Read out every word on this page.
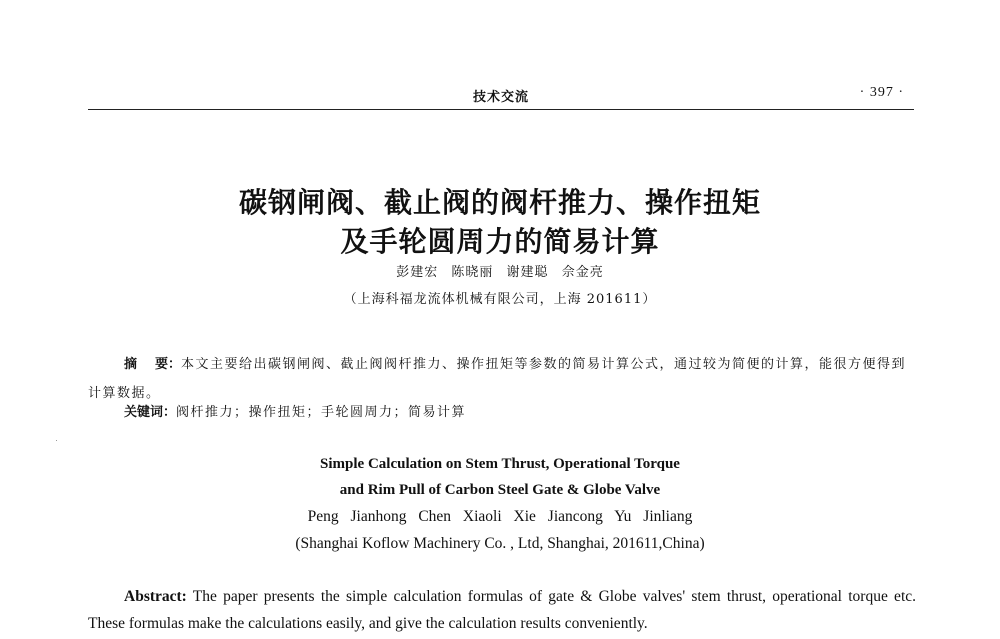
技术交流	· 397 ·
碳钢闸阀、截止阀的阀杆推力、操作扭矩
及手轮圆周力的简易计算
彭建宏 陈晓丽 谢建聪 佘金亮
（上海科福龙流体机械有限公司，上海 201611）
摘 要：本文主要给出碳钢闸阀、截止阀阀杆推力、操作扭矩等参数的简易计算公式，通过较为简便的计算，能很方便得到计算数据。
关键词：阀杆推力；操作扭矩；手轮圆周力；简易计算
Simple Calculation on Stem Thrust, Operational Torque
and Rim Pull of Carbon Steel Gate & Globe Valve
Peng Jianhong Chen Xiaoli Xie Jiancong Yu Jinliang
(Shanghai Koflow Machinery Co. , Ltd, Shanghai, 201611,China)
Abstract: The paper presents the simple calculation formulas of gate & Globe valves' stem thrust, operational torque etc. These formulas make the calculations easily, and give the calculation results conveniently.
